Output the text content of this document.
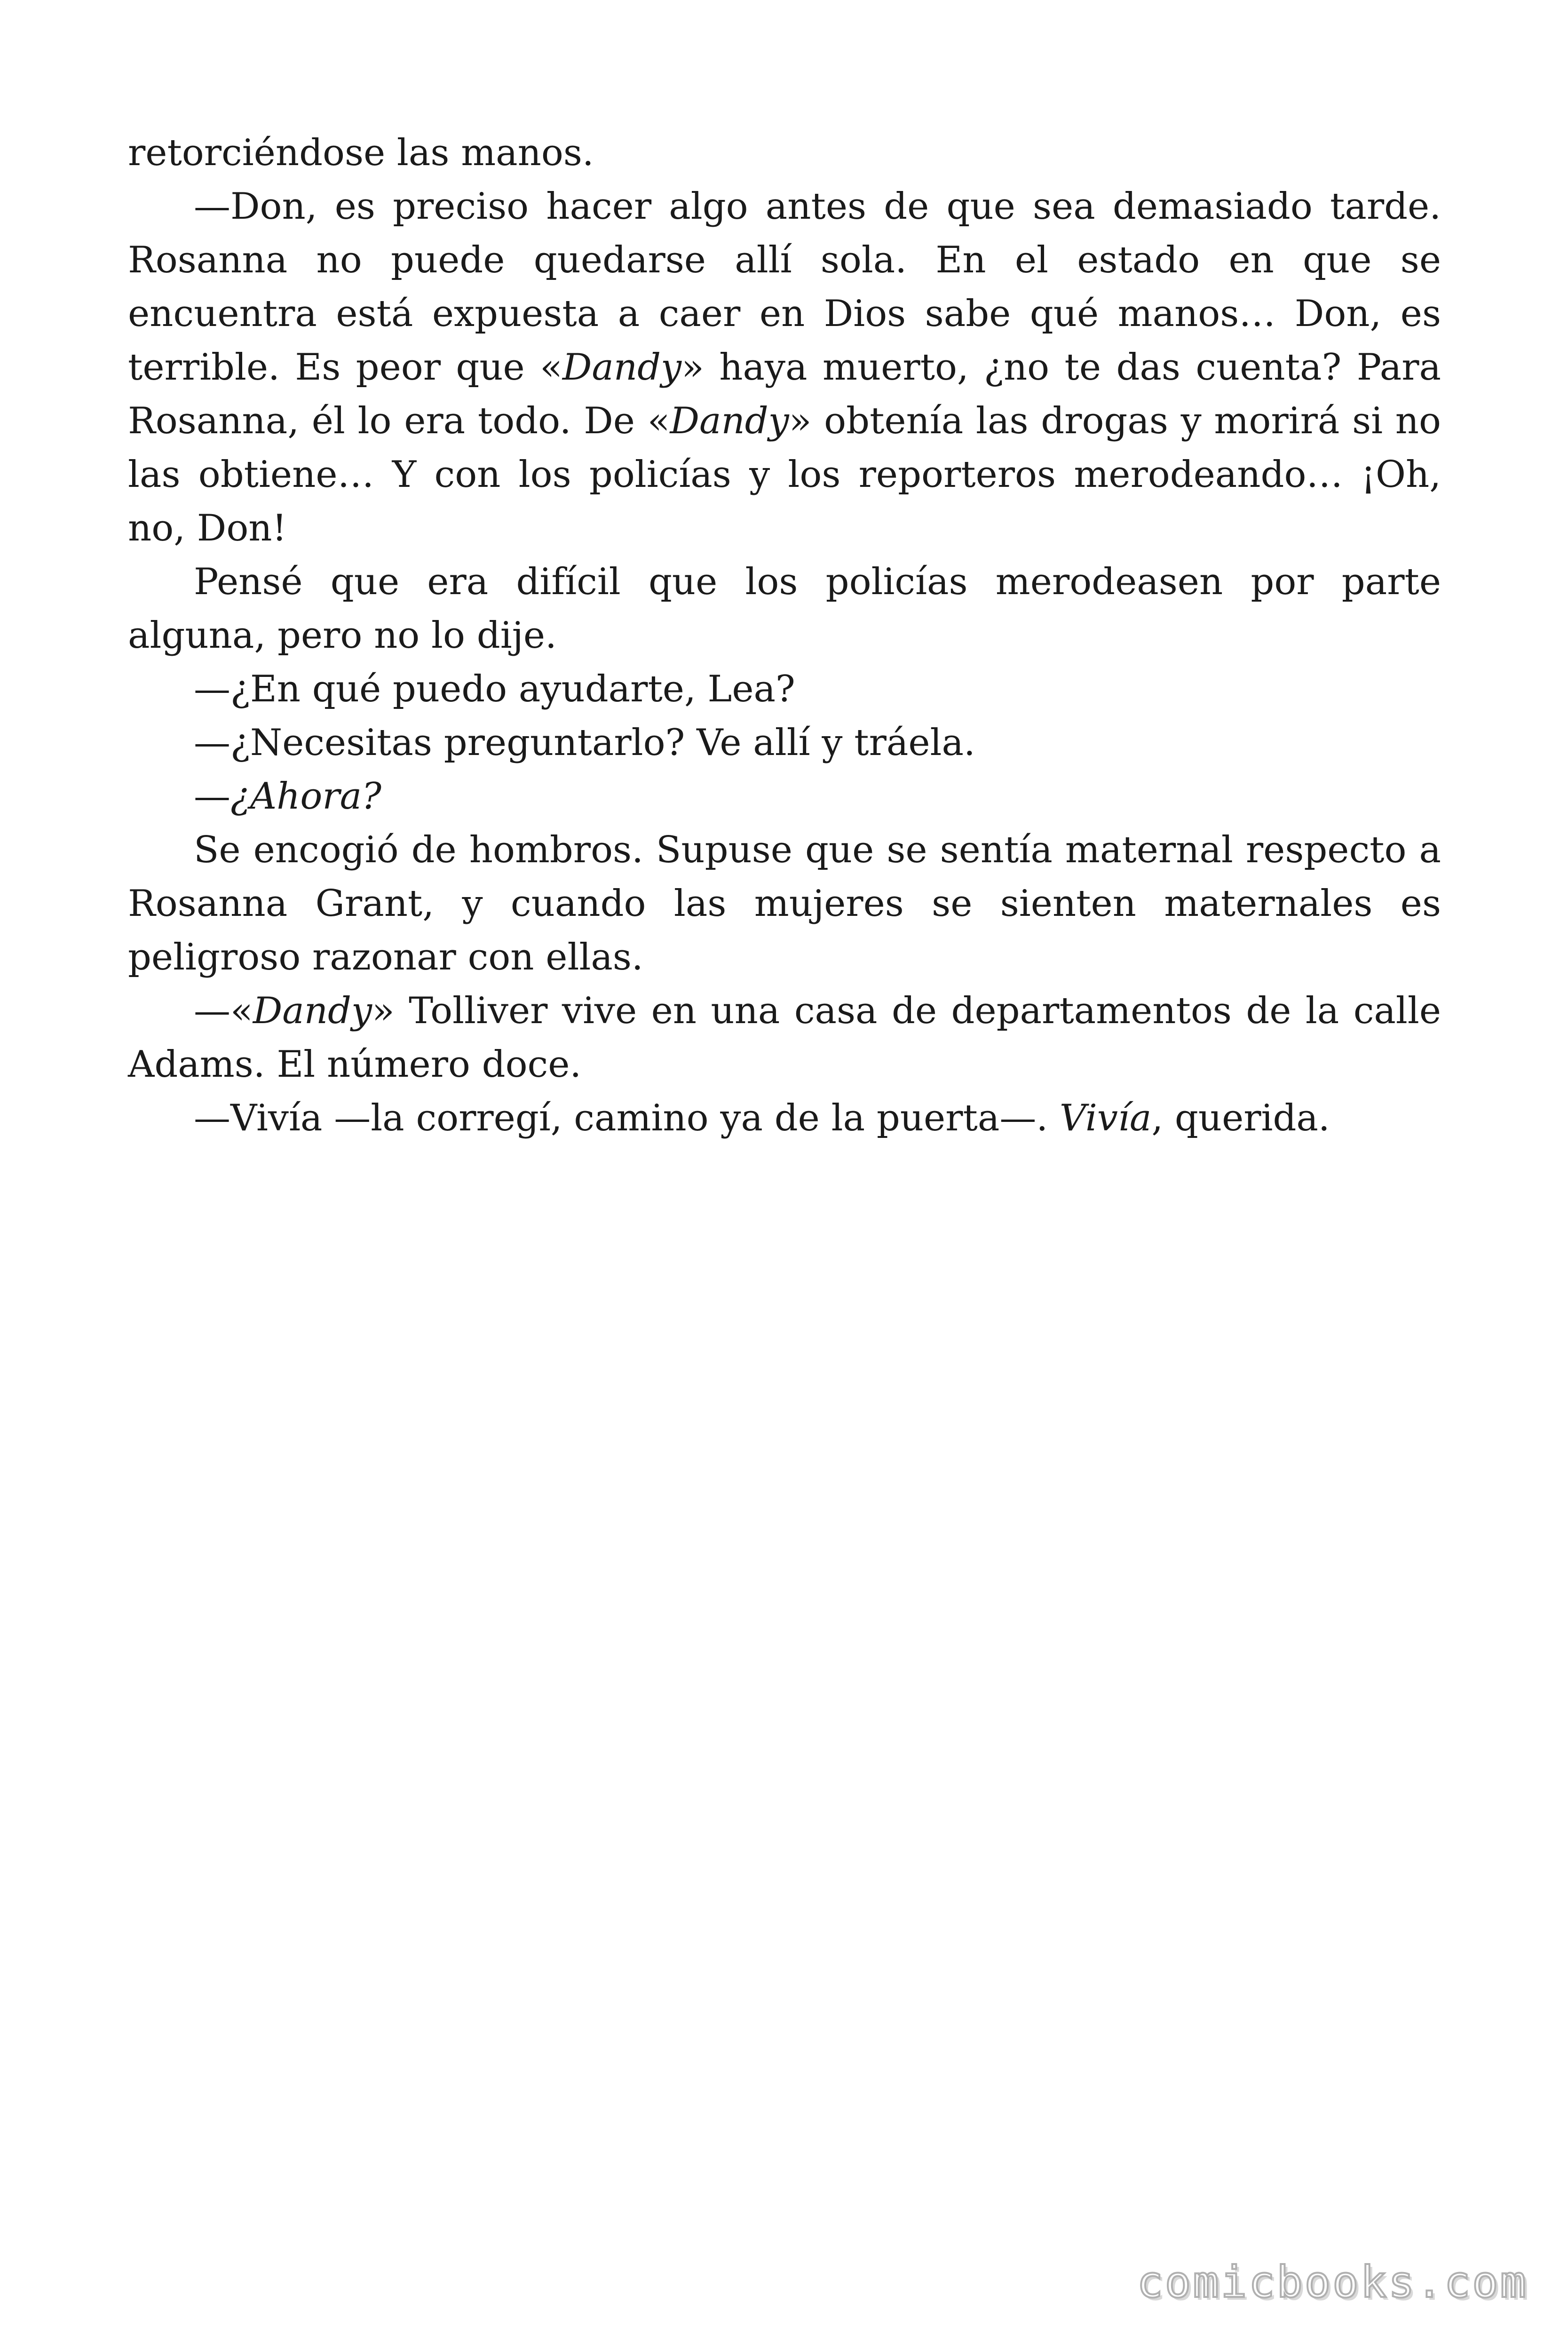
retorciéndose las manos.

—Don, es preciso hacer algo antes de que sea demasiado tarde. Rosanna no puede quedarse allí sola. En el estado en que se encuentra está expuesta a caer en Dios sabe qué manos… Don, es terrible. Es peor que «Dandy» haya muerto, ¿no te das cuenta? Para Rosanna, él lo era todo. De «Dandy» obtenía las drogas y morirá si no las obtiene… Y con los policías y los reporteros merodeando… ¡Oh, no, Don!

Pensé que era difícil que los policías merodeasen por parte alguna, pero no lo dije.

—¿En qué puedo ayudarte, Lea?

—¿Necesitas preguntarlo? Ve allí y tráela.

—¿Ahora?

Se encogió de hombros. Supuse que se sentía maternal respecto a Rosanna Grant, y cuando las mujeres se sienten maternales es peligroso razonar con ellas.

—«Dandy» Tolliver vive en una casa de departamentos de la calle Adams. El número doce.

—Vivía —la corregí, camino ya de la puerta—. Vivía, querida.

comicbooks.com
